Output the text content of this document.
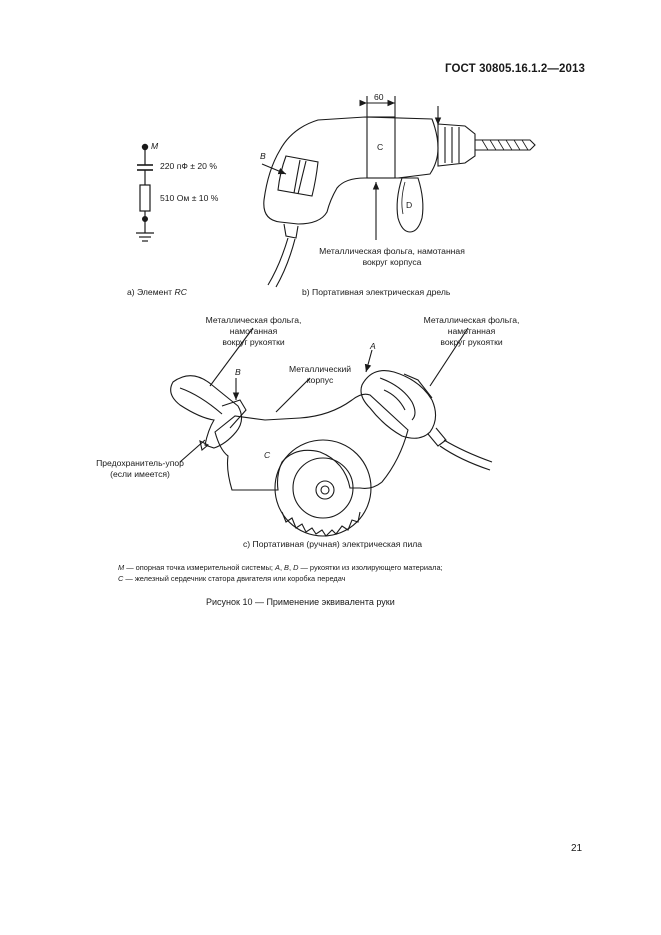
ГОСТ 30805.16.1.2—2013
M
220 пФ ± 20 %
510 Ом ± 10 %
а) Элемент RC
60
B
C
D
Металлическая фольга, намотанная
вокруг корпуса
b) Портативная электрическая дрель
Металлическая фольга,
намотанная
вокруг рукоятки
Металлическая фольга,
намотанная
вокруг рукоятки
A
B	Металлический
корпус
C
Предохранитель-упор
(если имеется)
с) Портативная (ручная) электрическая пила
M — опорная точка измерительной системы; A, B, D — рукоятки из изолирующего материала;
C — железный сердечник статора двигателя или коробка передач
Рисунок 10 — Применение эквивалента руки
21
